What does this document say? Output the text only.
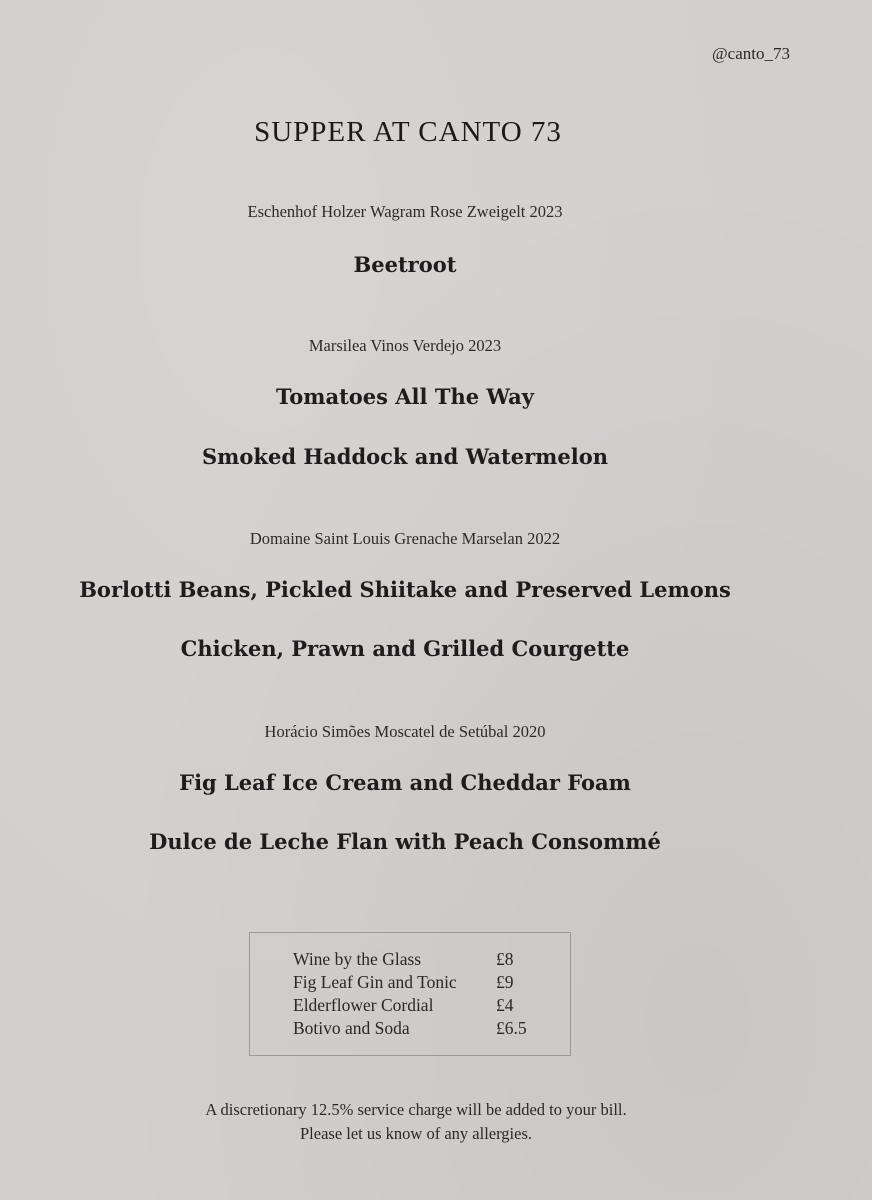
@canto_73
SUPPER AT CANTO 73
Eschenhof Holzer Wagram Rose Zweigelt 2023
Beetroot
Marsilea Vinos Verdejo 2023
Tomatoes All The Way
Smoked Haddock and Watermelon
Domaine Saint Louis Grenache Marselan 2022
Borlotti Beans, Pickled Shiitake and Preserved Lemons
Chicken, Prawn and Grilled Courgette
Horácio Simões Moscatel de Setúbal 2020
Fig Leaf Ice Cream and Cheddar Foam
Dulce de Leche Flan with Peach Consommé
Wine by the Glass	£8
Fig Leaf Gin and Tonic £9
Elderflower Cordial	£4
Botivo and Soda	£6.5
A discretionary 12.5% service charge will be added to your bill.
Please let us know of any allergies.
